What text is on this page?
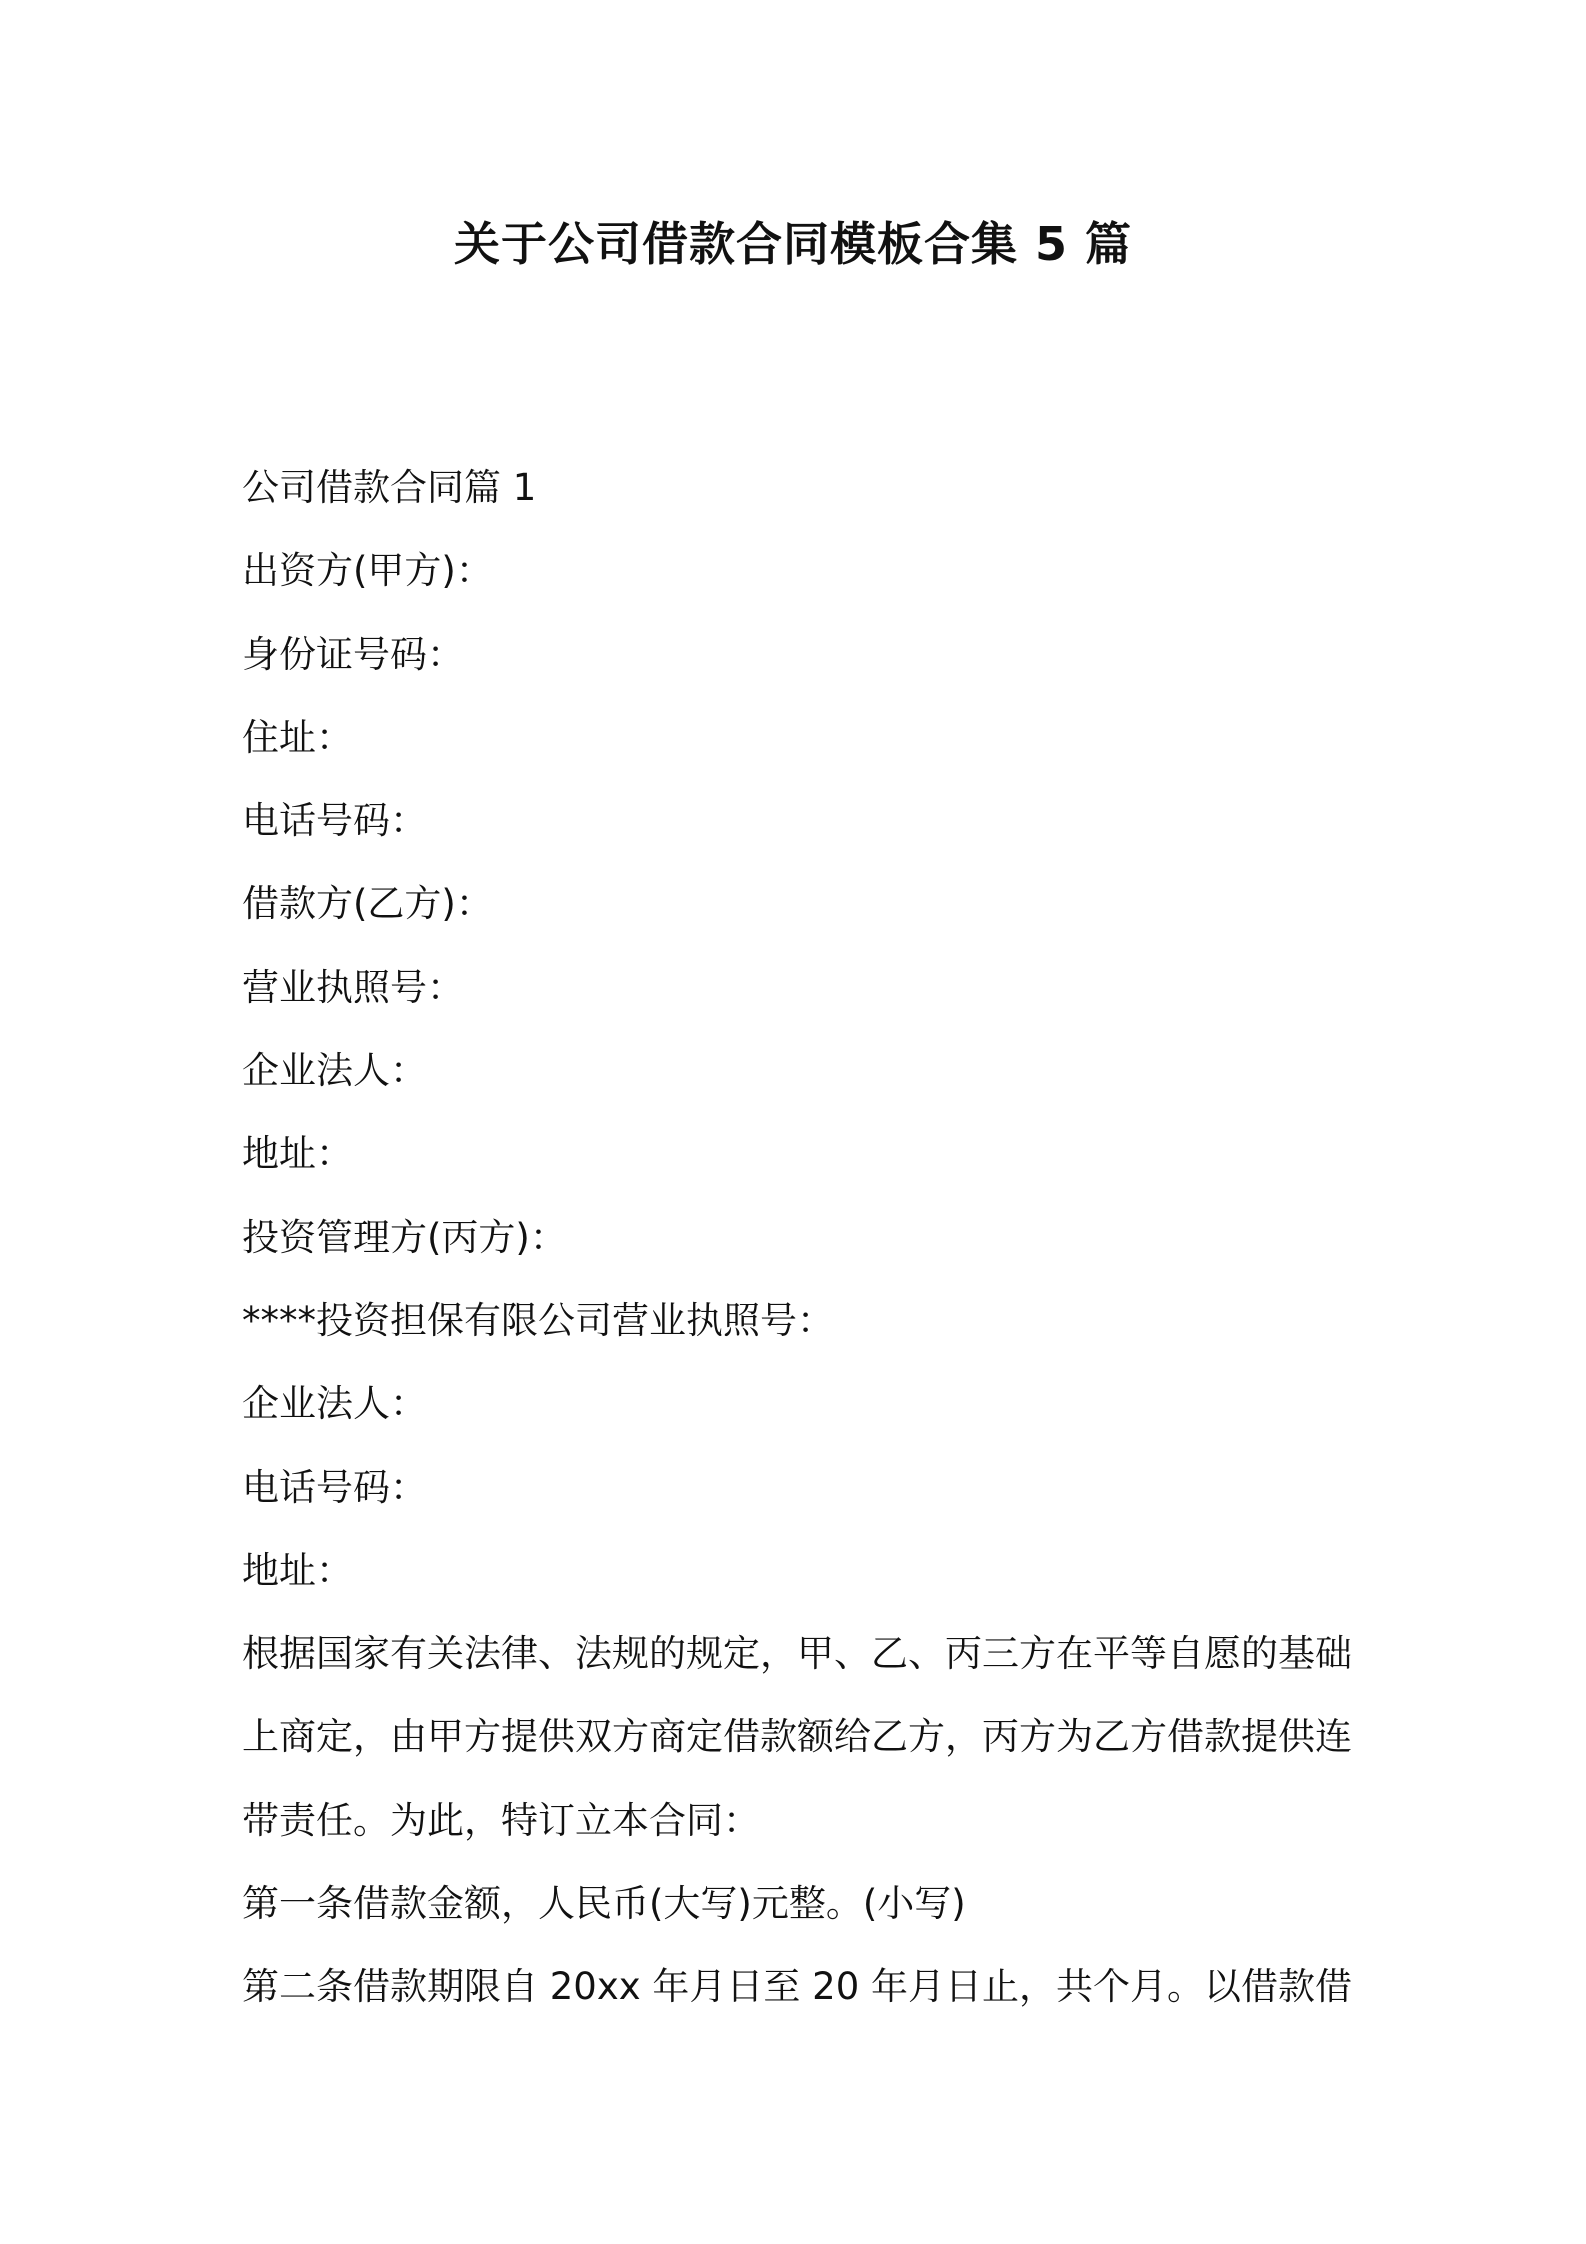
关于公司借款合同模板合集 5 篇

公司借款合同篇 1

出资方(甲方)：

身份证号码：

住址：

电话号码：

借款方(乙方)：

营业执照号：

企业法人：

地址：

投资管理方(丙方)：

****投资担保有限公司营业执照号：

企业法人：

电话号码：

地址：

根据国家有关法律、法规的规定，甲、乙、丙三方在平等自愿的基础

上商定，由甲方提供双方商定借款额给乙方，丙方为乙方借款提供连

带责任。为此，特订立本合同：

第一条借款金额，人民币(大写)元整。(小写)

第二条借款期限自 20xx 年月日至 20 年月日止，共个月。以借款借
